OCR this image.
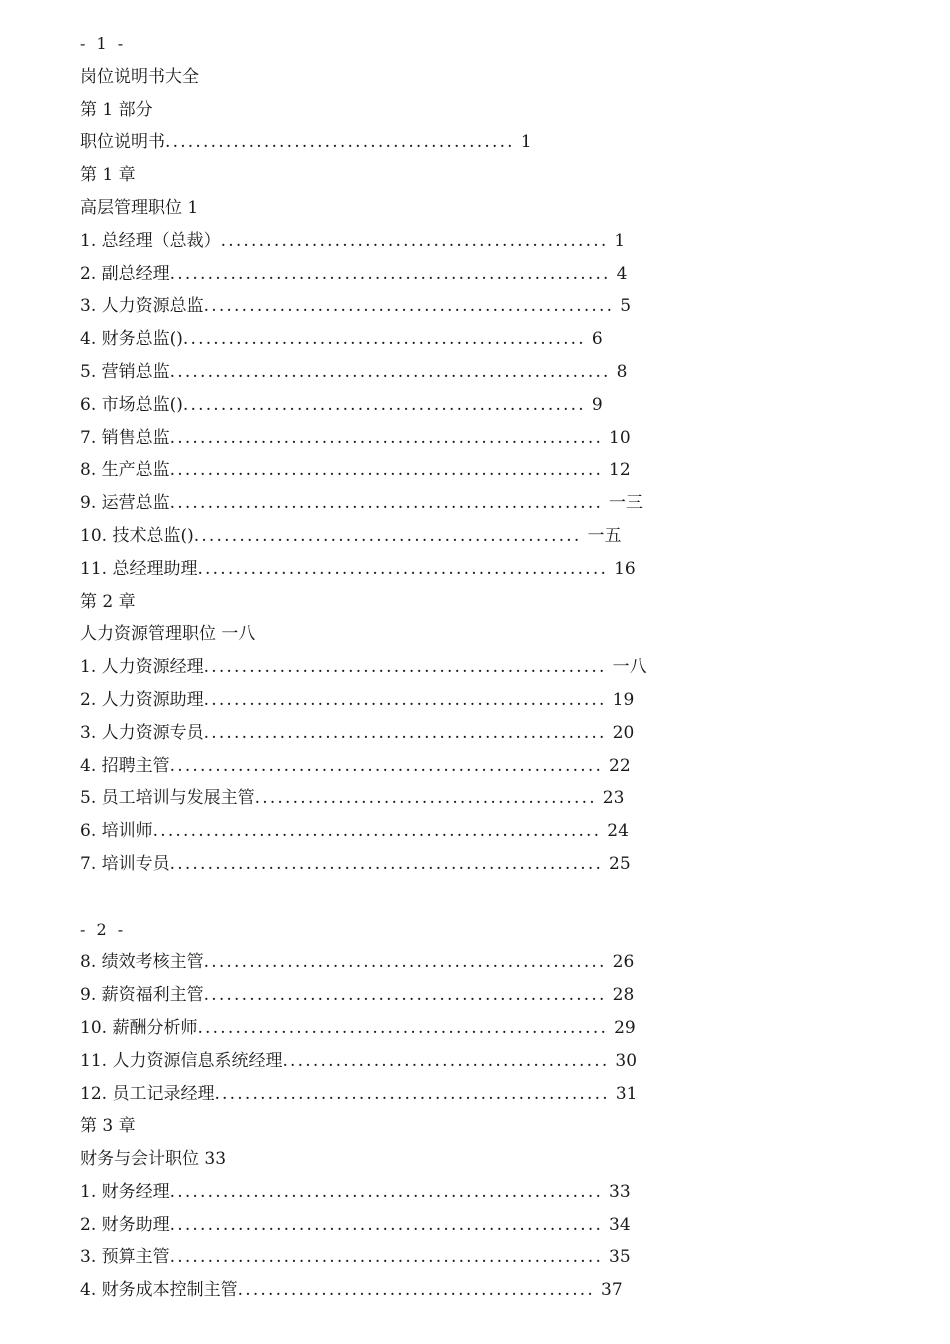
- 1 -
岗位说明书大全
第 1 部分
职位说明书.............................................. 1
第 1 章
高层管理职位 1
1. 总经理（总裁）................................................... 1
2. 副总经理.......................................................... 4
3. 人力资源总监...................................................... 5
4. 财务总监()..................................................... 6
5. 营销总监.......................................................... 8
6. 市场总监()..................................................... 9
7. 销售总监......................................................... 10
8. 生产总监......................................................... 12
9. 运营总监......................................................... 一三
10. 技术总监()................................................... 一五
11. 总经理助理...................................................... 16
第 2 章
人力资源管理职位 一八
1. 人力资源经理..................................................... 一八
2. 人力资源助理..................................................... 19
3. 人力资源专员..................................................... 20
4. 招聘主管......................................................... 22
5. 员工培训与发展主管............................................. 23
6. 培训师........................................................... 24
7. 培训专员......................................................... 25
- 2 -
8. 绩效考核主管..................................................... 26
9. 薪资福利主管..................................................... 28
10. 薪酬分析师...................................................... 29
11. 人力资源信息系统经理........................................... 30
12. 员工记录经理.................................................... 31
第 3 章
财务与会计职位 33
1. 财务经理......................................................... 33
2. 财务助理......................................................... 34
3. 预算主管......................................................... 35
4. 财务成本控制主管............................................... 37
